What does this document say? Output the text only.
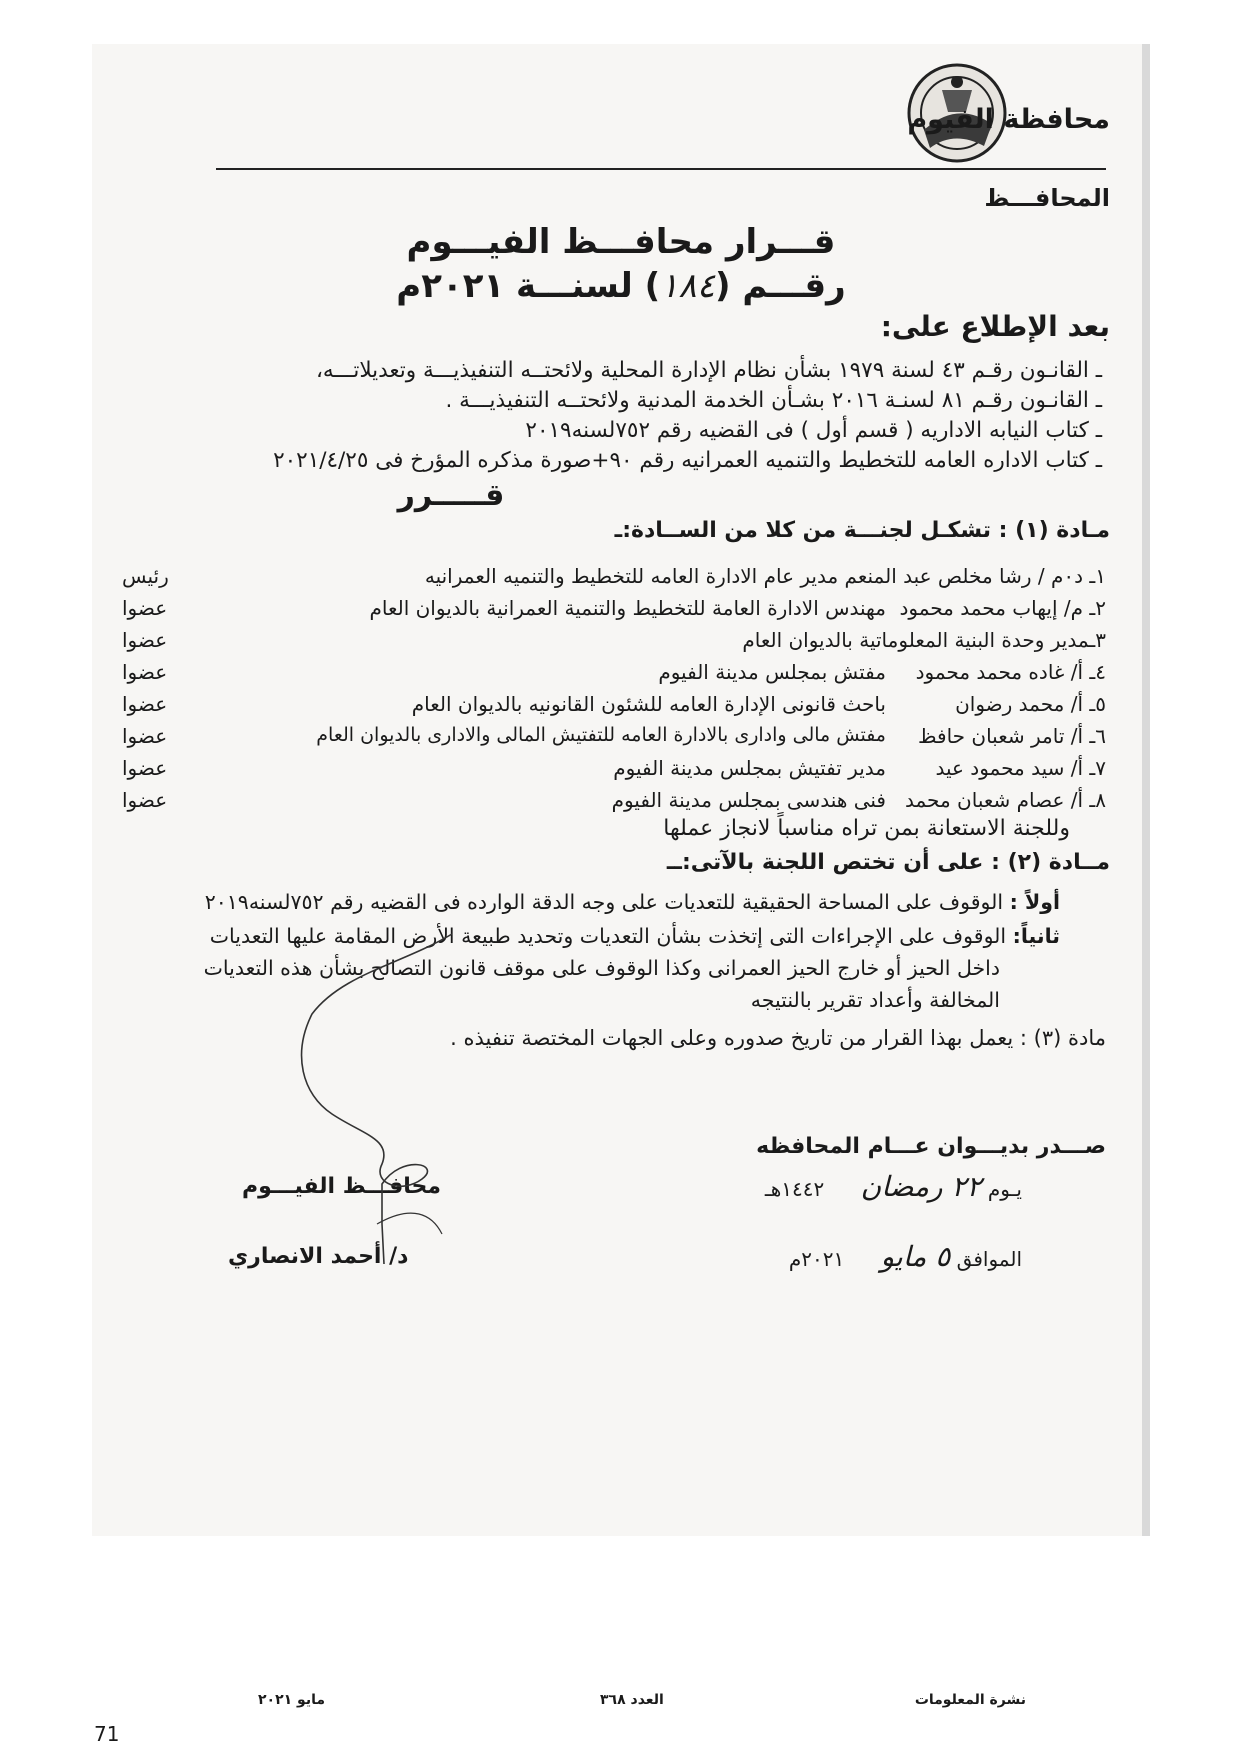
محافظة الفيوم
المحافـــظ
قـــرار محافـــظ الفيـــوم
رقـــم (١٨٤) لسنـــة ٢٠٢١م
بعد الإطلاع على:
ـ القانـون رقـم ٤٣ لسنة ١٩٧٩ بشأن نظام الإدارة المحلية ولائحتــه التنفيذيـــة وتعديلاتـــه،
ـ القانـون رقـم ٨١ لسنـة ٢٠١٦ بشـأن الخدمة المدنية ولائحتــه التنفيذيـــة .
ـ كتاب النيابه الاداريه ( قسم أول ) فى القضيه رقم ٧٥٢لسنه٢٠١٩
ـ كتاب الاداره العامه للتخطيط والتنميه العمرانيه رقم ٩٠+صورة مذكره المؤرخ فى ٢٠٢١/٤/٢٥
قـــــرر
مـادة (١) : تشكـل لجنـــة من كلا من الســادة:ـ
١ـ د٠م / رشا مخلص عبد المنعم مدير عام الادارة العامه للتخطيط والتنميه العمرانيه
رئيس
٢ـ م/ إيهاب محمد محمود
مهندس الادارة العامة للتخطيط والتنمية العمرانية بالديوان العام
عضوا
٣ـمدير وحدة البنية المعلوماتية بالديوان العام
عضوا
٤ـ أ/ غاده محمد محمود
مفتش بمجلس مدينة الفيوم
عضوا
٥ـ أ/ محمد رضوان
باحث قانونى الإدارة العامه للشئون القانونيه بالديوان العام
عضوا
٦ـ أ/ تامر شعبان حافظ
مفتش مالى وادارى بالادارة العامه للتفتيش المالى والادارى بالديوان العام
عضوا
٧ـ أ/ سيد محمود عيد
مدير تفتيش بمجلس مدينة الفيوم
عضوا
٨ـ أ/ عصام شعبان محمد
فنى هندسى بمجلس مدينة الفيوم
عضوا
وللجنة الاستعانة بمن تراه مناسباً لانجاز عملها
مــادة (٢) : على أن تختص اللجنة بالآتى:ــ
أولاً : الوقوف على المساحة الحقيقية للتعديات على وجه الدقة الوارده فى القضيه رقم ٧٥٢لسنه٢٠١٩
ثانياً: الوقوف على الإجراءات التى إتخذت بشأن التعديات وتحديد طبيعة الأرض المقامة عليها التعديات
داخل الحيز أو خارج الحيز العمرانى وكذا الوقوف على موقف قانون التصالح بشأن هذه التعديات
المخالفة وأعداد تقرير بالنتيجه
مادة (٣) : يعمل بهذا القرار من تاريخ صدوره وعلى الجهات المختصة تنفيذه .
صـــدر بديـــوان عـــام المحافظه
يـوم ٢٢ رمضان ١٤٤٢هـ
الموافق ٥ مايو ٢٠٢١م
محافـــظ الفيـــوم
د/ أحمد الانصاري
نشرة المعلومات
العدد ٣٦٨
مايو ٢٠٢١
71
